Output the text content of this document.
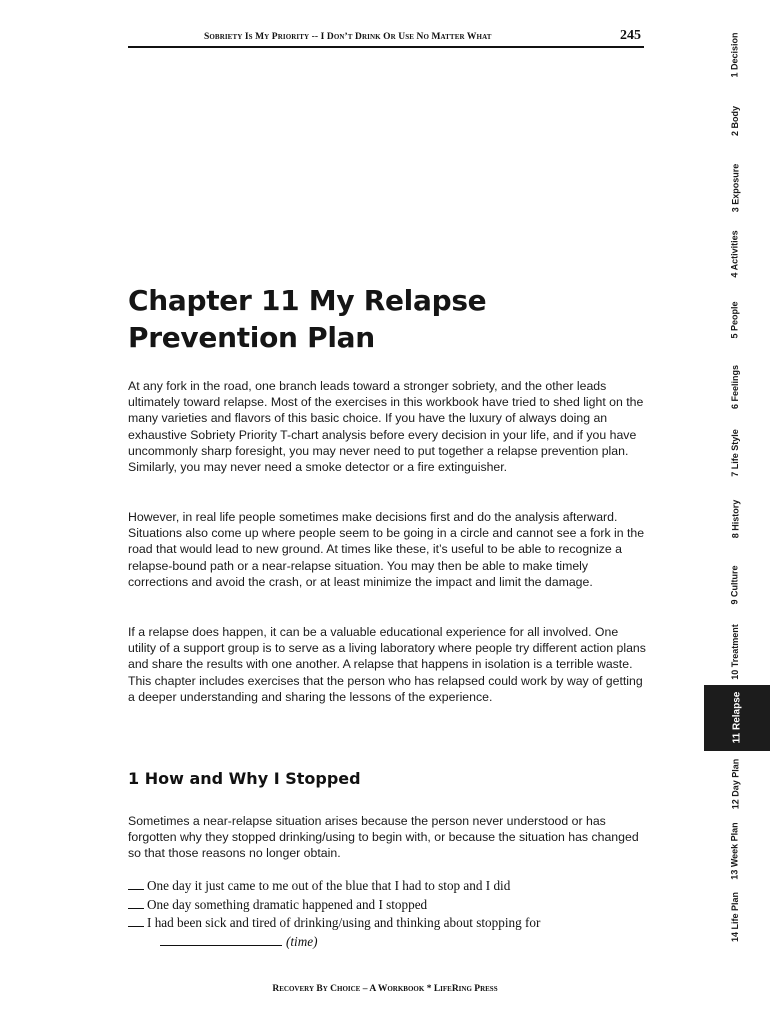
Sobriety Is My Priority -- I Don’t Drink Or Use No Matter What	245
Chapter 11 My Relapse Prevention Plan

At any fork in the road, one branch leads toward a stronger sobriety, and the other leads ultimately toward relapse. Most of the exercises in this workbook have tried to shed light on the many varieties and flavors of this basic choice. If you have the luxury of always doing an exhaustive Sobriety Priority T-chart analysis before every decision in your life, and if you have uncommonly sharp foresight, you may never need to put together a relapse prevention plan. Similarly, you may never need a smoke detector or a fire extinguisher.

However, in real life people sometimes make decisions first and do the analysis afterward. Situations also come up where people seem to be going in a circle and cannot see a fork in the road that would lead to new ground. At times like these, it’s useful to be able to recognize a relapse-bound path or a near-relapse situation. You may then be able to make timely corrections and avoid the crash, or at least minimize the impact and limit the damage.

If a relapse does happen, it can be a valuable educational experience for all involved. One utility of a support group is to serve as a living laboratory where people try different action plans and share the results with one another. A relapse that happens in isolation is a terrible waste. This chapter includes exercises that the person who has relapsed could work by way of getting a deeper understanding and sharing the lessons of the experience.

1 How and Why I Stopped

Sometimes a near-relapse situation arises because the person never understood or has forgotten why they stopped drinking/using to begin with, or because the situation has changed so that those reasons no longer obtain.

One day it just came to me out of the blue that I had to stop and I did
One day something dramatic happened and I stopped
I had been sick and tired of drinking/using and thinking about stopping for
(time)
Recovery By Choice – A Workbook * LifeRing Press
1 Decision
2 Body
3 Exposure
4 Activities
5 People
6 Feelings
7 Life Style
8 History
9 Culture
10 Treatment
11 Relapse
12 Day Plan
13 Week Plan
14 Life Plan
